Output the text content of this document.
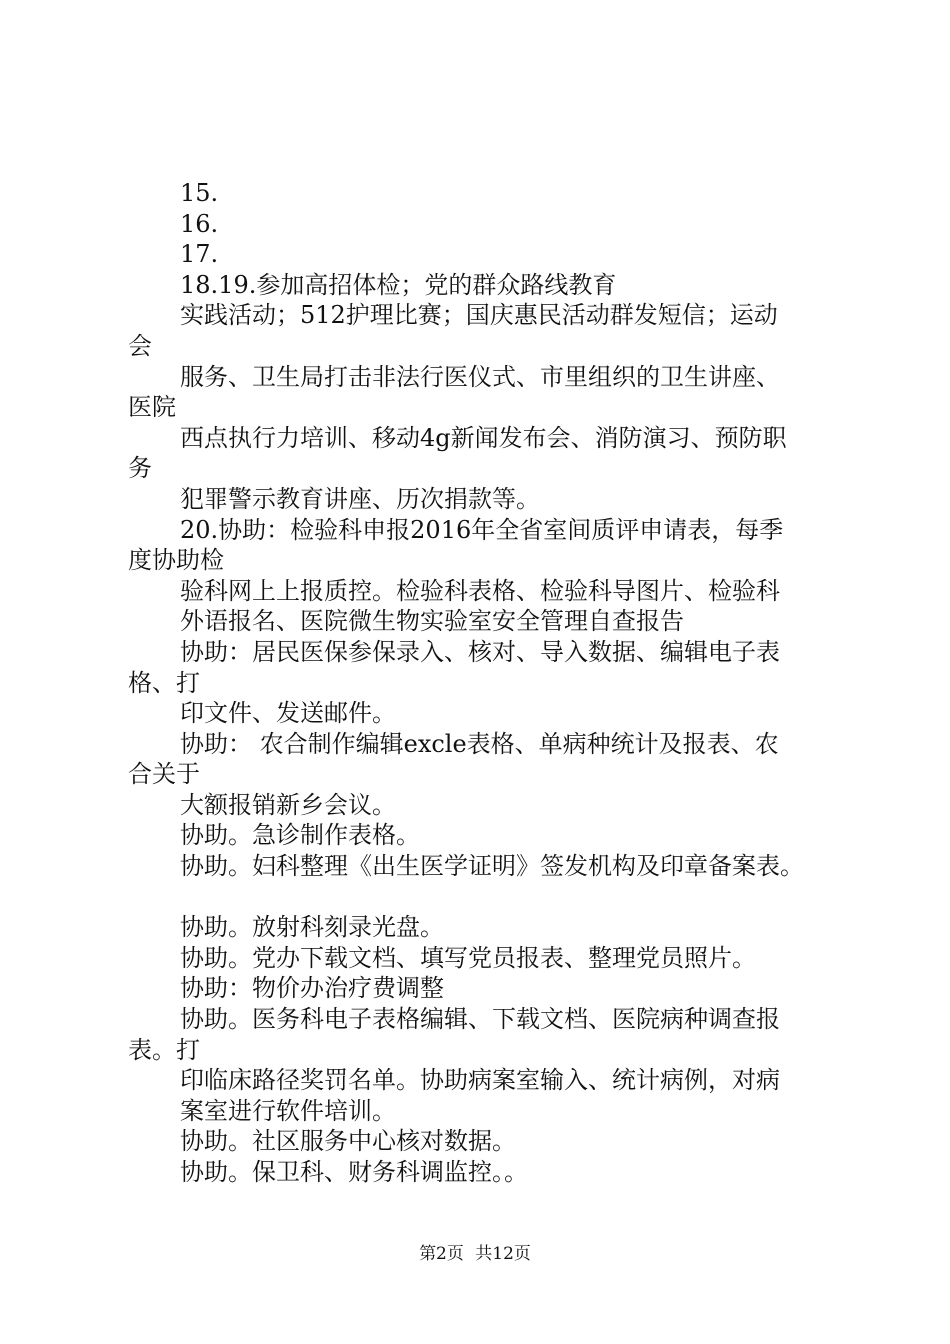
15.
16.
17.
18.19.参加高招体检；党的群众路线教育
实践活动；512护理比赛；国庆惠民活动群发短信；运动
会
服务、卫生局打击非法行医仪式、市里组织的卫生讲座、
医院
西点执行力培训、移动4g新闻发布会、消防演习、预防职
务
犯罪警示教育讲座、历次捐款等。
20.协助：检验科申报2016年全省室间质评申请表，每季
度协助检
验科网上上报质控。检验科表格、检验科导图片、检验科
外语报名、医院微生物实验室安全管理自查报告
协助：居民医保参保录入、核对、导入数据、编辑电子表
格、打
印文件、发送邮件。
协助： 农合制作编辑excle表格、单病种统计及报表、农
合关于
大额报销新乡会议。
协助。急诊制作表格。
协助。妇科整理《出生医学证明》签发机构及印章备案表。
协助。放射科刻录光盘。
协助。党办下载文档、填写党员报表、整理党员照片。
协助：物价办治疗费调整
协助。医务科电子表格编辑、下载文档、医院病种调查报
表。打
印临床路径奖罚名单。协助病案室输入、统计病例，对病
案室进行软件培训。
协助。社区服务中心核对数据。
协助。保卫科、财务科调监控。。
第2页 共12页
